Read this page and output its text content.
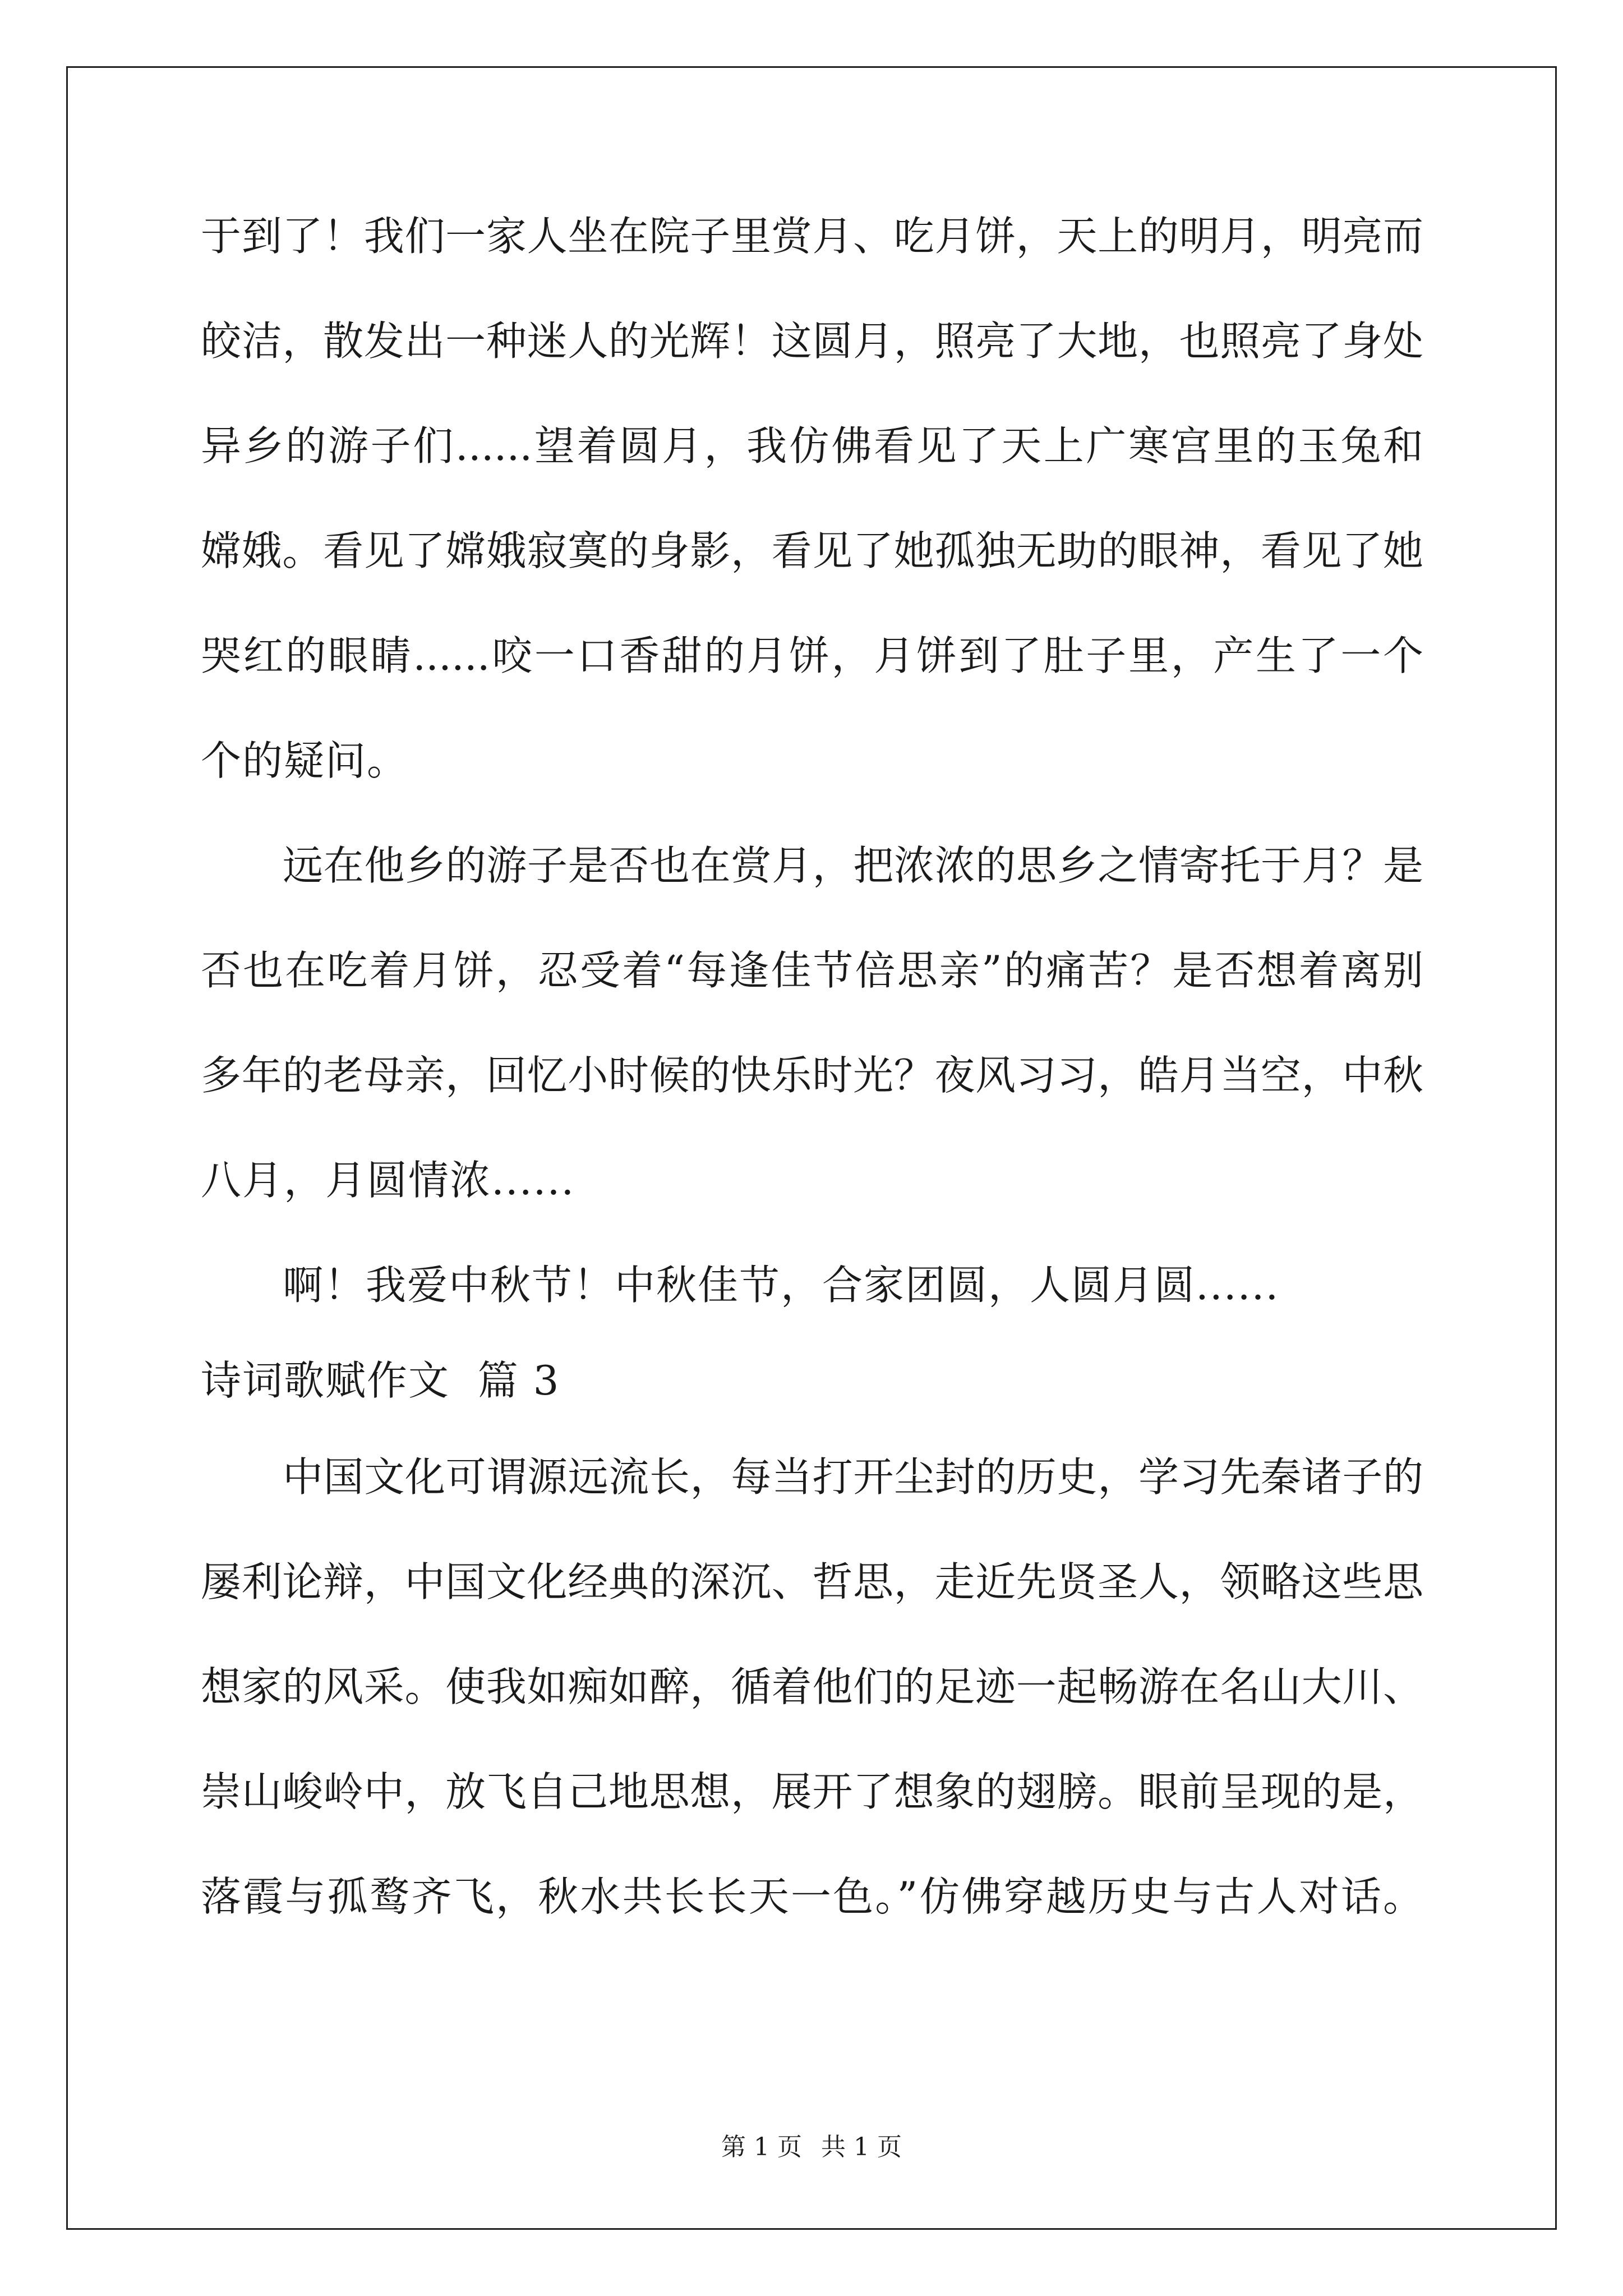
于到了！我们一家人坐在院子里赏月、吃月饼，天上的明月，明亮而
皎洁，散发出一种迷人的光辉！这圆月，照亮了大地，也照亮了身处
异乡的游子们......望着圆月，我仿佛看见了天上广寒宫里的玉兔和
嫦娥。看见了嫦娥寂寞的身影，看见了她孤独无助的眼神，看见了她
哭红的眼睛......咬一口香甜的月饼，月饼到了肚子里，产生了一个
个的疑问。
远在他乡的游子是否也在赏月，把浓浓的思乡之情寄托于月？是
否也在吃着月饼，忍受着“每逢佳节倍思亲”的痛苦？是否想着离别
多年的老母亲，回忆小时候的快乐时光？夜风习习，皓月当空，中秋
八月，月圆情浓......
啊！我爱中秋节！中秋佳节，合家团圆，人圆月圆......
诗词歌赋作文  篇 3
中国文化可谓源远流长，每当打开尘封的历史，学习先秦诸子的
屡利论辩，中国文化经典的深沉、哲思，走近先贤圣人，领略这些思
想家的风采。使我如痴如醉，循着他们的足迹一起畅游在名山大川、
崇山峻岭中，放飞自己地思想，展开了想象的翅膀。眼前呈现的是，
落霞与孤鹜齐飞，秋水共长长天一色。”仿佛穿越历史与古人对话。
第 1 页 共 1 页
